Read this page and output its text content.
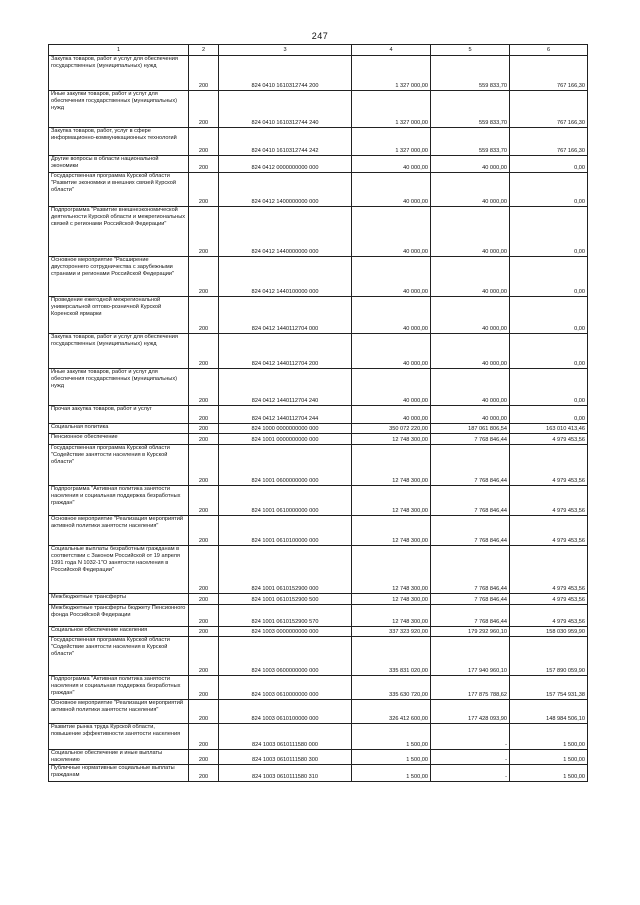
247
1	2	3	4	5	6
Закупка товаров, работ и услуг для обеспечения государственных (муниципальных) нужд	200	824 0410 1610312744 200	1 327 000,00	559 833,70	767 166,30
Иные закупки товаров, работ и услуг для обеспечения государственных (муниципальных) нужд	200	824 0410 1610312744 240	1 327 000,00	559 833,70	767 166,30
Закупка товаров, работ, услуг в сфере информационно-коммуникационных технологий	200	824 0410 1610312744 242	1 327 000,00	559 833,70	767 166,30
Другие вопросы в области национальной экономики	200	824 0412 0000000000 000	40 000,00	40 000,00	0,00
Государственная программа Курской области "Развитие экономики и внешних связей Курской области"	200	824 0412 1400000000 000	40 000,00	40 000,00	0,00
Подпрограмма "Развитие внешнеэкономической деятельности Курской области и межрегиональных связей с регионами Российской Федерации"	200	824 0412 1440000000 000	40 000,00	40 000,00	0,00
Основное мероприятие "Расширение двустороннего сотрудничества с зарубежными странами и регионами Российской Федерации"	200	824 0412 1440100000 000	40 000,00	40 000,00	0,00
Проведение ежегодной межрегиональной универсальной оптово-розничной Курской Коренской ярмарки	200	824 0412 1440112704 000	40 000,00	40 000,00	0,00
Закупка товаров, работ и услуг для обеспечения государственных (муниципальных) нужд	200	824 0412 1440112704 200	40 000,00	40 000,00	0,00
Иные закупки товаров, работ и услуг для обеспечения государственных (муниципальных) нужд	200	824 0412 1440112704 240	40 000,00	40 000,00	0,00
Прочая закупка товаров, работ и услуг	200	824 0412 1440112704 244	40 000,00	40 000,00	0,00
Социальная политика	200	824 1000 0000000000 000	350 072 220,00	187 061 806,54	163 010 413,46
Пенсионное обеспечение	200	824 1001 0000000000 000	12 748 300,00	7 768 846,44	4 979 453,56
Государственная программа Курской области "Содействие занятости населения в Курской области"	200	824 1001 0600000000 000	12 748 300,00	7 768 846,44	4 979 453,56
Подпрограмма "Активная политика занятости населения и социальная поддержка безработных граждан"	200	824 1001 0610000000 000	12 748 300,00	7 768 846,44	4 979 453,56
Основное мероприятие "Реализация мероприятий активной политики занятости населения"	200	824 1001 0610100000 000	12 748 300,00	7 768 846,44	4 979 453,56
Социальные выплаты безработным гражданам в соответствии с Законом Российской от 19 апреля 1991 года N 1032-1"О занятости населения в Российской Федерации"	200	824 1001 0610152900 000	12 748 300,00	7 768 846,44	4 979 453,56
Межбюджетные трансферты	200	824 1001 0610152900 500	12 748 300,00	7 768 846,44	4 979 453,56
Межбюджетные трансферты бюджету Пенсионного фонда Российской Федерации	200	824 1001 0610152900 570	12 748 300,00	7 768 846,44	4 979 453,56
Социальное обеспечение населения	200	824 1003 0000000000 000	337 323 920,00	179 292 960,10	158 030 959,90
Государственная программа Курской области "Содействие занятости населения в Курской области"	200	824 1003 0600000000 000	335 831 020,00	177 940 960,10	157 890 059,90
Подпрограмма "Активная политика занятости населения и социальная поддержка безработных граждан"	200	824 1003 0610000000 000	335 630 720,00	177 875 788,62	157 754 931,38
Основное мероприятие "Реализация мероприятий активной политики занятости населения"	200	824 1003 0610100000 000	326 412 600,00	177 428 093,90	148 984 506,10
Развитие рынка труда Курской области, повышение эффективности занятости населения	200	824 1003 0610111580 000	1 500,00	-	1 500,00
Социальное обеспечение и иные выплаты населению	200	824 1003 0610111580 300	1 500,00	-	1 500,00
Публичные нормативные социальные выплаты гражданам	200	824 1003 0610111580 310	1 500,00	-	1 500,00
